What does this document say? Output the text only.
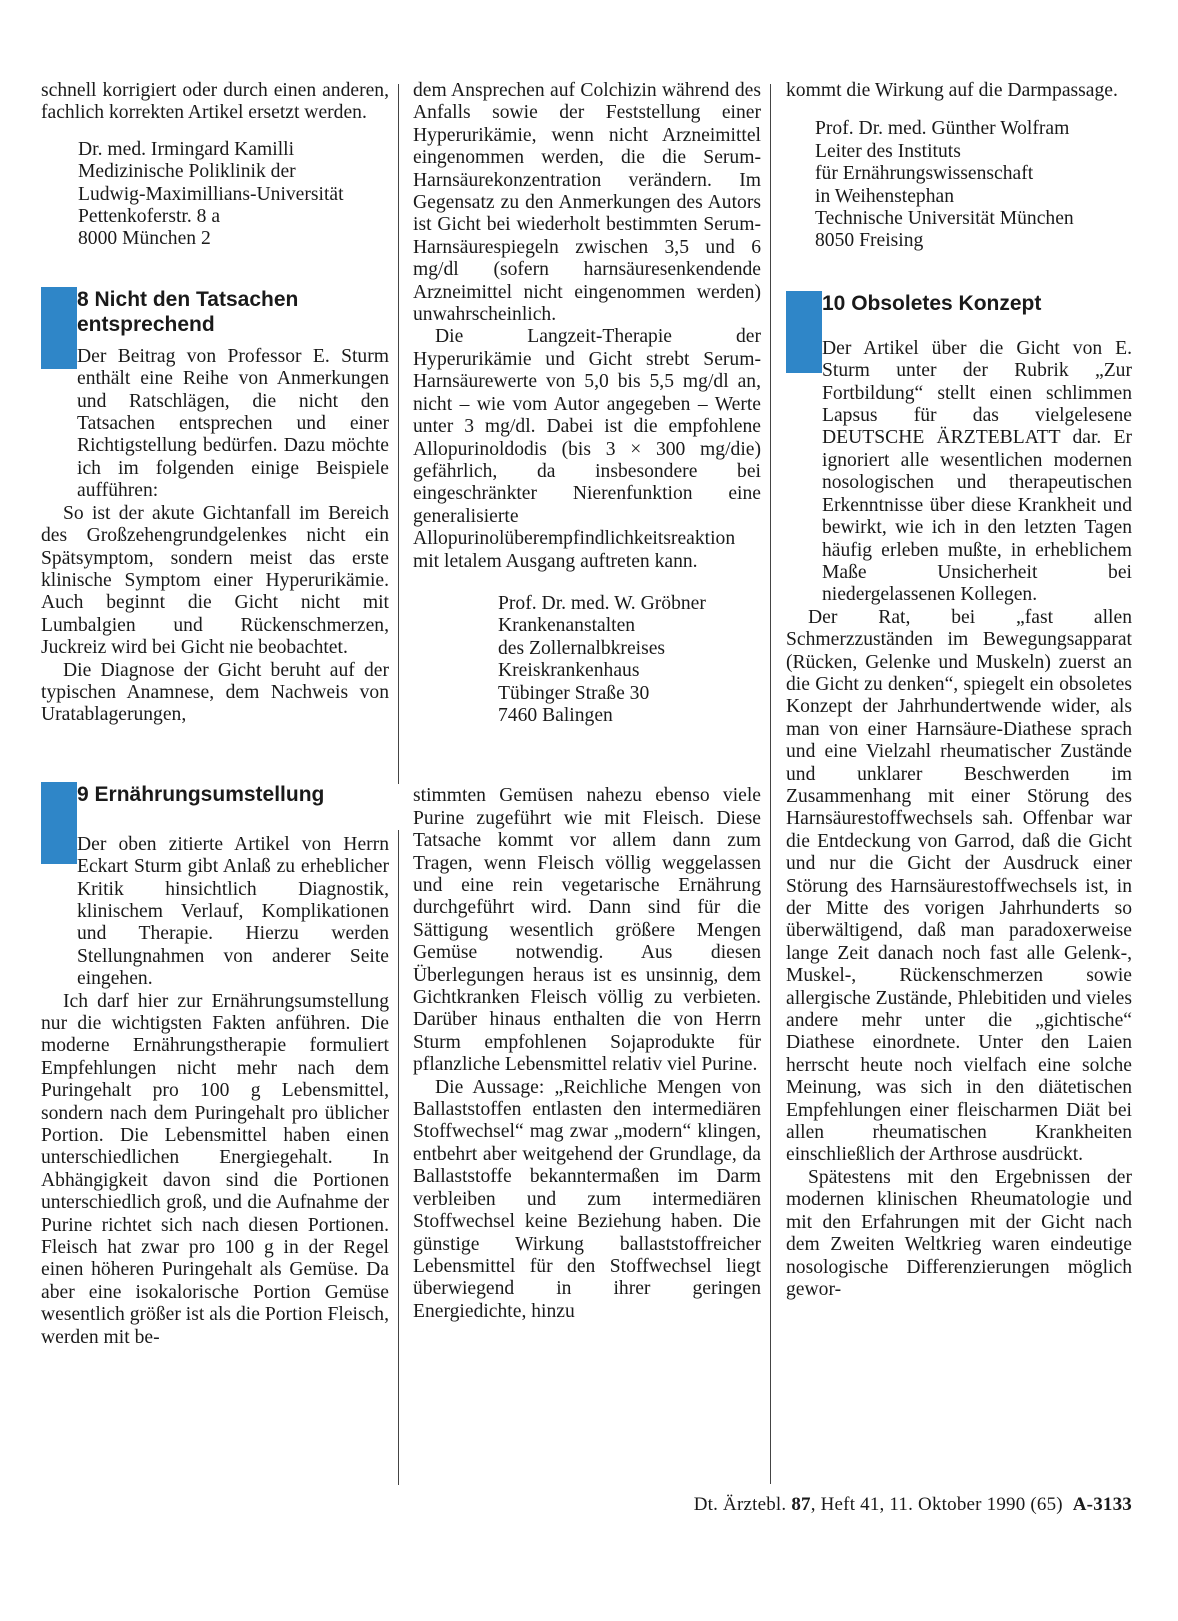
schnell korrigiert oder durch einen anderen, fachlich korrekten Artikel ersetzt werden.

Dr. med. Irmingard Kamilli
Medizinische Poliklinik der
Ludwig-Maximillians-Universität
Pettenkoferstr. 8 a
8000 München 2

8 Nicht den Tatsachen entsprechend

Der Beitrag von Professor E. Sturm enthält eine Reihe von Anmerkungen und Ratschlägen, die nicht den Tatsachen entsprechen und einer Richtigstellung bedürfen. Dazu möchte ich im folgenden einige Beispiele aufführen:

So ist der akute Gichtanfall im Bereich des Großzehengrundgelenkes nicht ein Spätsymptom, sondern meist das erste klinische Symptom einer Hyperurikämie. Auch beginnt die Gicht nicht mit Lumbalgien und Rückenschmerzen, Juckreiz wird bei Gicht nie beobachtet.

Die Diagnose der Gicht beruht auf der typischen Anamnese, dem Nachweis von Uratablagerungen,

9 Ernährungsumstellung

Der oben zitierte Artikel von Herrn Eckart Sturm gibt Anlaß zu erheblicher Kritik hinsichtlich Diagnostik, klinischem Verlauf, Komplikationen und Therapie. Hierzu werden Stellungnahmen von anderer Seite eingehen.

Ich darf hier zur Ernährungsumstellung nur die wichtigsten Fakten anführen. Die moderne Ernährungstherapie formuliert Empfehlungen nicht mehr nach dem Puringehalt pro 100 g Lebensmittel, sondern nach dem Puringehalt pro üblicher Portion. Die Lebensmittel haben einen unterschiedlichen Energiegehalt. In Abhängigkeit davon sind die Portionen unterschiedlich groß, und die Aufnahme der Purine richtet sich nach diesen Portionen. Fleisch hat zwar pro 100 g in der Regel einen höheren Puringehalt als Gemüse. Da aber eine isokalorische Portion Gemüse wesentlich größer ist als die Portion Fleisch, werden mit be-

dem Ansprechen auf Colchizin während des Anfalls sowie der Feststellung einer Hyperurikämie, wenn nicht Arzneimittel eingenommen werden, die die Serum-Harnsäurekonzentration verändern. Im Gegensatz zu den Anmerkungen des Autors ist Gicht bei wiederholt bestimmten Serum-Harnsäurespiegeln zwischen 3,5 und 6 mg/dl (sofern harnsäuresenkendende Arzneimittel nicht eingenommen werden) unwahrscheinlich.

Die Langzeit-Therapie der Hyperurikämie und Gicht strebt Serum-Harnsäurewerte von 5,0 bis 5,5 mg/dl an, nicht – wie vom Autor angegeben – Werte unter 3 mg/dl. Dabei ist die empfohlene Allopurinoldodis (bis 3 × 300 mg/die) gefährlich, da insbesondere bei eingeschränkter Nierenfunktion eine generalisierte Allopurinolüberempfindlichkeitsreaktion mit letalem Ausgang auftreten kann.

Prof. Dr. med. W. Gröbner
Krankenanstalten
des Zollernalbkreises
Kreiskrankenhaus
Tübinger Straße 30
7460 Balingen

stimmten Gemüsen nahezu ebenso viele Purine zugeführt wie mit Fleisch. Diese Tatsache kommt vor allem dann zum Tragen, wenn Fleisch völlig weggelassen und eine rein vegetarische Ernährung durchgeführt wird. Dann sind für die Sättigung wesentlich größere Mengen Gemüse notwendig. Aus diesen Überlegungen heraus ist es unsinnig, dem Gichtkranken Fleisch völlig zu verbieten. Darüber hinaus enthalten die von Herrn Sturm empfohlenen Sojaprodukte für pflanzliche Lebensmittel relativ viel Purine.

Die Aussage: „Reichliche Mengen von Ballaststoffen entlasten den intermediären Stoffwechsel“ mag zwar „modern“ klingen, entbehrt aber weitgehend der Grundlage, da Ballaststoffe bekanntermaßen im Darm verbleiben und zum intermediären Stoffwechsel keine Beziehung haben. Die günstige Wirkung ballaststoffreicher Lebensmittel für den Stoffwechsel liegt überwiegend in ihrer geringen Energiedichte, hinzu

kommt die Wirkung auf die Darmpassage.

Prof. Dr. med. Günther Wolfram
Leiter des Instituts
für Ernährungswissenschaft
in Weihenstephan
Technische Universität München
8050 Freising

10 Obsoletes Konzept

Der Artikel über die Gicht von E. Sturm unter der Rubrik „Zur Fortbildung“ stellt einen schlimmen Lapsus für das vielgelesene DEUTSCHE ÄRZTEBLATT dar. Er ignoriert alle wesentlichen modernen nosologischen und therapeutischen Erkenntnisse über diese Krankheit und bewirkt, wie ich in den letzten Tagen häufig erleben mußte, in erheblichem Maße Unsicherheit bei niedergelassenen Kollegen.

Der Rat, bei „fast allen Schmerzzuständen im Bewegungsapparat (Rücken, Gelenke und Muskeln) zuerst an die Gicht zu denken“, spiegelt ein obsoletes Konzept der Jahrhundertwende wider, als man von einer Harnsäure-Diathese sprach und eine Vielzahl rheumatischer Zustände und unklarer Beschwerden im Zusammenhang mit einer Störung des Harnsäurestoffwechsels sah. Offenbar war die Entdeckung von Garrod, daß die Gicht und nur die Gicht der Ausdruck einer Störung des Harnsäurestoffwechsels ist, in der Mitte des vorigen Jahrhunderts so überwältigend, daß man paradoxerweise lange Zeit danach noch fast alle Gelenk-, Muskel-, Rückenschmerzen sowie allergische Zustände, Phlebitiden und vieles andere mehr unter die „gichtische“ Diathese einordnete. Unter den Laien herrscht heute noch vielfach eine solche Meinung, was sich in den diätetischen Empfehlungen einer fleischarmen Diät bei allen rheumatischen Krankheiten einschließlich der Arthrose ausdrückt.

Spätestens mit den Ergebnissen der modernen klinischen Rheumatologie und mit den Erfahrungen mit der Gicht nach dem Zweiten Weltkrieg waren eindeutige nosologische Differenzierungen möglich gewor-

Dt. Ärztebl. 87, Heft 41, 11. Oktober 1990 (65) A-3133
